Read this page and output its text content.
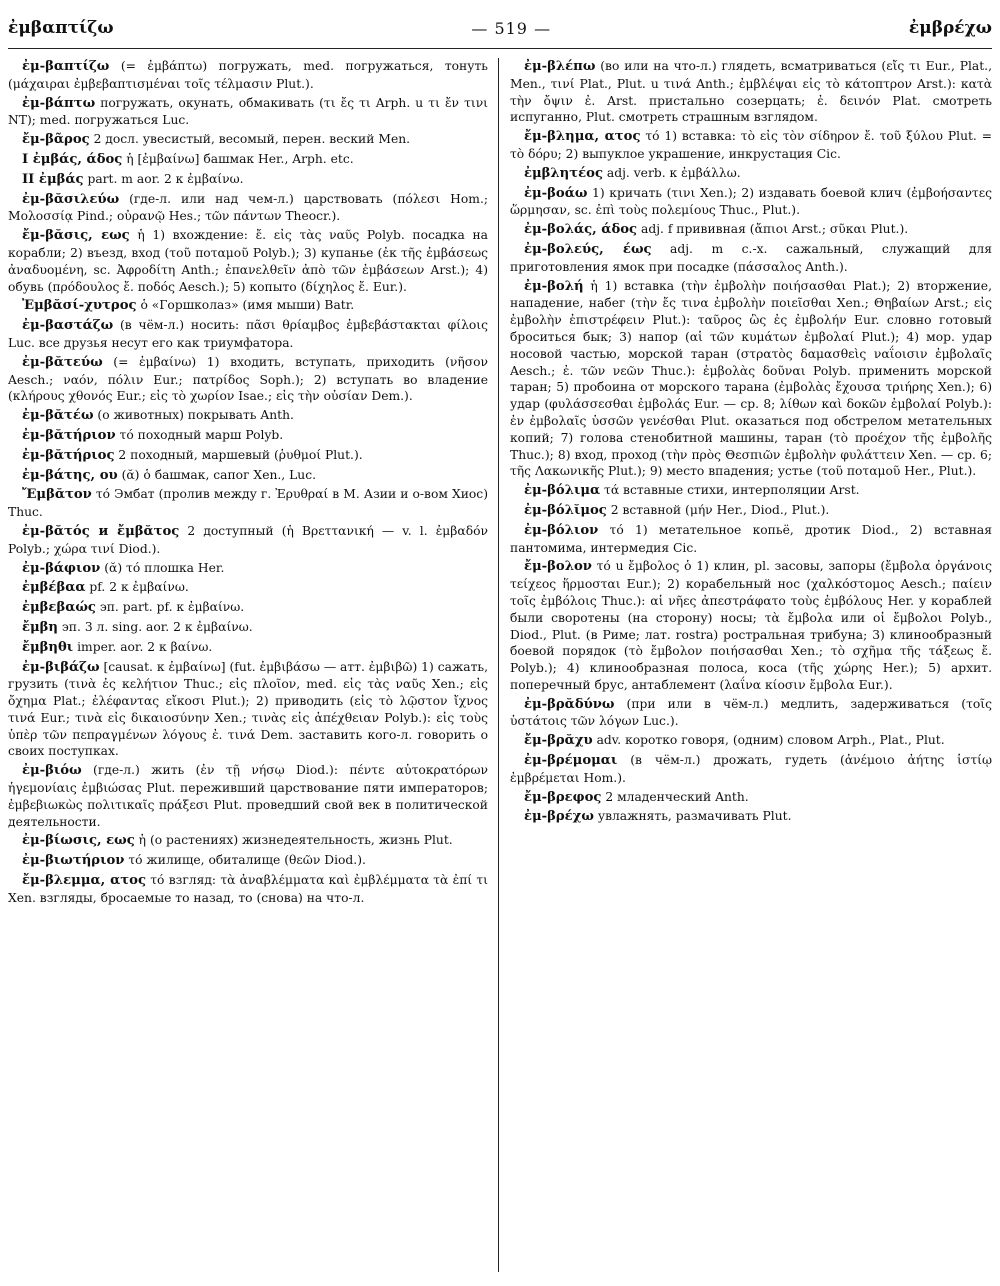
ἐμβαπτίζω	— 519 —	ἐμβρέχω

ἐμ-βαπτίζω (= ἐμβάπτω) погружать, med. погружаться, тонуть (μάχαιραι ἐμβεβαπτισμέναι τοῖς τέλμασιν Plut.).

ἐμ-βάπτω погружать, окунать, обмакивать (τι ἔς τι Arph. u τι ἔν τινι NT); med. погружаться Luc.

ἔμ-βᾶρος 2 досл. увесистый, весомый, перен. веский Men.

I ἐμβάς, άδος ἡ [ἐμβαίνω] башмак Her., Arph. etc.

II ἐμβάς part. m aor. 2 к ἐμβαίνω.

ἐμ-βᾰσιλεύω (где-л. или над чем-л.) царствовать (πόλεσι Hom.; Μολοσσίᾳ Pind.; οὐρανῷ Hes.; τῶν πάντων Theocr.).

ἔμ-βᾰσις, εως ἡ 1) вхождение: ἔ. εἰς τὰς ναῦς Polyb. посадка на корабли; 2) въезд, вход (τοῦ ποταμοῦ Polyb.); 3) купанье (ἐκ τῆς ἐμβάσεως ἀναδυομένη, sc. Ἀφροδίτη Anth.; ἐπανελθεῖν ἀπὸ τῶν ἐμβάσεων Arst.); 4) обувь (πρόδουλος ἔ. ποδός Aesch.); 5) копыто (δίχηλος ἔ. Eur.).

Ἐμβᾰσί-χυτρος ὁ «Горшколаз» (имя мыши) Batr.

ἐμ-βαστάζω (в чём-л.) носить: πᾶσι θρίαμβος ἐμβεβάστακται φίλοις Luc. все друзья несут его как триумфатора.

ἐμ-βᾰτεύω (= ἐμβαίνω) 1) входить, вступать, приходить (νῆσον Aesch.; ναόν, πόλιν Eur.; πατρίδος Soph.); 2) вступать во владение (κλήρους χθονός Eur.; εἰς τὸ χωρίον Isae.; εἰς τὴν οὐσίαν Dem.).

ἐμ-βᾰτέω (о животных) покрывать Anth.

ἐμ-βᾰτήριον τό походный марш Polyb.

ἐμ-βᾰτήριος 2 походный, маршевый (ῥυθμοί Plut.).

ἐμ-βάτης, ου (ᾰ) ὁ башмак, сапог Xen., Luc.

Ἔμβᾰτον τό Эмбат (пролив между г. Ἐρυθραί в М. Азии и о-вом Хиос) Thuc.

ἐμ-βᾰτός и ἔμβᾰτος 2 доступный (ἡ Βρεττανική — v. l. ἐμβαδόν Polyb.; χώρα τινί Diod.).

ἐμ-βάφιον (ᾰ) τό плошка Her.

ἐμβέβαα pf. 2 к ἐμβαίνω.

ἐμβεβαώς эп. part. pf. к ἐμβαίνω.

ἔμβη эп. 3 л. sing. aor. 2 к ἐμβαίνω.

ἔμβηθι imper. aor. 2 к βαίνω.

ἐμ-βιβάζω [causat. к ἐμβαίνω] (fut. ἐμβιβάσω — атт. ἐμβιβῶ) 1) сажать, грузить (τινὰ ἐς κελήτιον Thuc.; εἰς πλοῖον, med. εἰς τὰς ναῦς Xen.; εἰς ὄχημα Plat.; ἐλέφαντας εἴκοσι Plut.); 2) приводить (εἰς τὸ λῷστον ἴχνος τινά Eur.; τινὰ εἰς δικαιοσύνην Xen.; τινὰς εἰς ἀπέχθειαν Polyb.): εἰς τοὺς ὑπὲρ τῶν πεπραγμένων λόγους ἐ. τινά Dem. заставить кого-л. говорить о своих поступках.

ἐμ-βιόω (где-л.) жить (ἐν τῇ νήσῳ Diod.): πέντε αὐτοκρατόρων ἡγεμονίαις ἐμβιώσας Plut. переживший царствование пяти императоров; ἐμβεβιωκὼς πολιτικαῖς πράξεσι Plut. проведший свой век в политической деятельности.

ἐμ-βίωσις, εως ἡ (о растениях) жизнедеятельность, жизнь Plut.

ἐμ-βιωτήριον τό жилище, обиталище (θεῶν Diod.).

ἔμ-βλεμμα, ατος τό взгляд: τὰ ἀναβλέμματα καὶ ἐμβλέμματα τὰ ἐπί τι Xen. взгляды, бросаемые то назад, то (снова) на что-л.

ἐμ-βλέπω (во или на что-л.) глядеть, всматриваться (εἴς τι Eur., Plat., Men., τινί Plat., Plut. u τινά Anth.; ἐμβλέψαι εἰς τὸ κάτοπτρον Arst.): κατὰ τὴν ὄψιν ἐ. Arst. пристально созерцать; ἐ. δεινόν Plat. смотреть испуганно, Plut. смотреть страшным взглядом.

ἔμ-βλημα, ατος τό 1) вставка: τὸ εἰς τὸν σίδηρον ἔ. τοῦ ξύλου Plut. = τὸ δόρυ; 2) выпуклое украшение, инкрустация Cic.

ἐμβλητέος adj. verb. к ἐμβάλλω.

ἐμ-βοάω 1) кричать (τινι Xen.); 2) издавать боевой клич (ἐμβοήσαντες ὥρμησαν, sc. ἐπὶ τοὺς πολεμίους Thuc., Plut.).

ἐμ-βολάς, άδος adj. f прививная (ἄπιοι Arst.; σῦκαι Plut.).

ἐμ-βολεύς, έως adj. m с.-х. сажальный, служащий для приготовления ямок при посадке (πάσσαλος Anth.).

ἐμ-βολή ἡ 1) вставка (τὴν ἐμβολὴν ποιήσασθαι Plat.); 2) вторжение, нападение, набег (τὴν ἔς τινα ἐμβολὴν ποιεῖσθαι Xen.; Θηβαίων Arst.; εἰς ἐμβολὴν ἐπιστρέφειν Plut.): ταῦρος ὣς ἐς ἐμβολήν Eur. словно готовый броситься бык; 3) напор (αἱ τῶν κυμάτων ἐμβολαί Plut.); 4) мор. удар носовой частью, морской таран (στρατὸς δαμασθεὶς ναΐοισιν ἐμβολαῖς Aesch.; ἐ. τῶν νεῶν Thuc.): ἐμβολὰς δοῦναι Polyb. применить морской таран; 5) пробоина от морского тарана (ἐμβολὰς ἔχουσα τριήρης Xen.); 6) удар (φυλάσσεσθαι ἐμβολάς Eur. — ср. 8; λίθων καὶ δοκῶν ἐμβολαί Polyb.): ἐν ἐμβολαῖς ὑσσῶν γενέσθαι Plut. оказаться под обстрелом метательных копий; 7) голова стенобитной машины, таран (τὸ προέχον τῆς ἐμβολῆς Thuc.); 8) вход, проход (τὴν πρὸς Θεσπιῶν ἐμβολὴν φυλάττειν Xen. — ср. 6; τῆς Λακωνικῆς Plut.); 9) место впадения; устье (τοῦ ποταμοῦ Her., Plut.).

ἐμ-βόλιμα τά вставные стихи, интерполяции Arst.

ἐμ-βόλῐμος 2 вставной (μήν Her., Diod., Plut.).

ἐμ-βόλιον τό 1) метательное копьё, дротик Diod., 2) вставная пантомима, интермедия Cic.

ἔμ-βολον τό u ἔμβολος ὁ 1) клин, pl. засовы, запоры (ἔμβολα ὀργάνοις τείχεος ἥρμοσται Eur.); 2) корабельный нос (χαλκόστομος Aesch.; παίειν τοῖς ἐμβόλοις Thuc.): αἱ νῆες ἀπεστράφατο τοὺς ἐμβόλους Her. у кораблей были своротены (на сторону) носы; τὰ ἔμβολα или οἱ ἔμβολοι Polyb., Diod., Plut. (в Риме; лат. rostra) ростральная трибуна; 3) клинообразный боевой порядок (τὸ ἔμβολον ποιήσασθαι Xen.; τὸ σχῆμα τῆς τάξεως ἔ. Polyb.); 4) клинообразная полоса, коса (τῆς χώρης Her.); 5) архит. поперечный брус, антаблемент (λαΐνα κίοσιν ἔμβολα Eur.).

ἐμ-βρᾰδύνω (при или в чём-л.) медлить, задерживаться (τοῖς ὑστάτοις τῶν λόγων Luc.).

ἔμ-βρᾰχυ adv. коротко говоря, (одним) словом Arph., Plat., Plut.

ἐμ-βρέμομαι (в чём-л.) дрожать, гудеть (ἀνέμοιο ἀήτης ἱστίῳ ἐμβρέμεται Hom.).

ἔμ-βρεφος 2 младенческий Anth.

ἐμ-βρέχω увлажнять, размачивать Plut.
